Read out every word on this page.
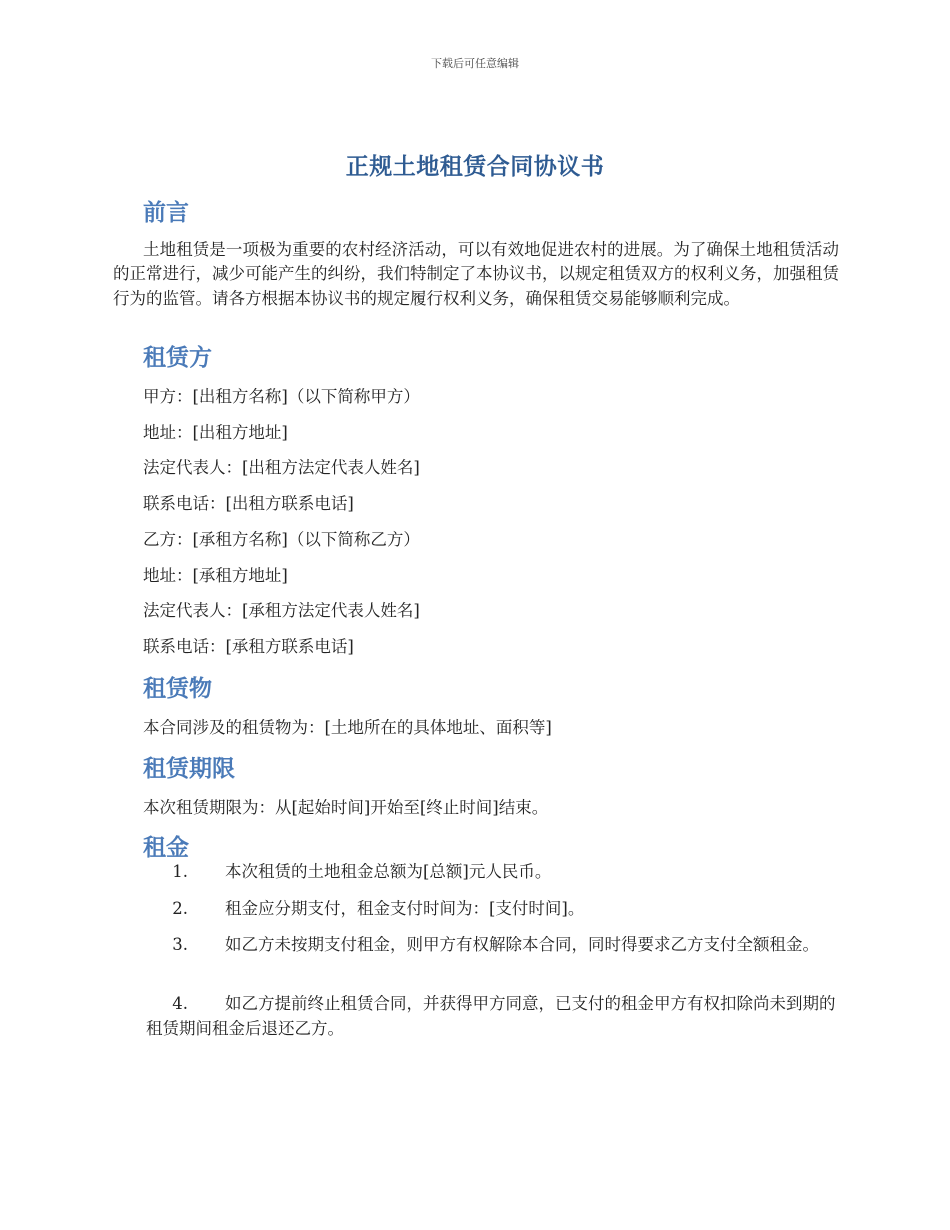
下载后可任意编辑
正规土地租赁合同协议书
前言

土地租赁是一项极为重要的农村经济活动，可以有效地促进农村的进展。为了确保土地租赁活动的正常进行，减少可能产生的纠纷，我们特制定了本协议书，以规定租赁双方的权利义务，加强租赁行为的监管。请各方根据本协议书的规定履行权利义务，确保租赁交易能够顺利完成。

租赁方

甲方：[出租方名称]（以下简称甲方）

地址：[出租方地址]

法定代表人：[出租方法定代表人姓名]

联系电话：[出租方联系电话]

乙方：[承租方名称]（以下简称乙方）

地址：[承租方地址]

法定代表人：[承租方法定代表人姓名]

联系电话：[承租方联系电话]

租赁物

本合同涉及的租赁物为：[土地所在的具体地址、面积等]

租赁期限

本次租赁期限为：从[起始时间]开始至[终止时间]结束。

租金

1. 本次租赁的土地租金总额为[总额]元人民币。

2. 租金应分期支付，租金支付时间为：[支付时间]。

3. 如乙方未按期支付租金，则甲方有权解除本合同，同时得要求乙方支付全额租金。

4. 如乙方提前终止租赁合同，并获得甲方同意，已支付的租金甲方有权扣除尚未到期的租赁期间租金后退还乙方。
